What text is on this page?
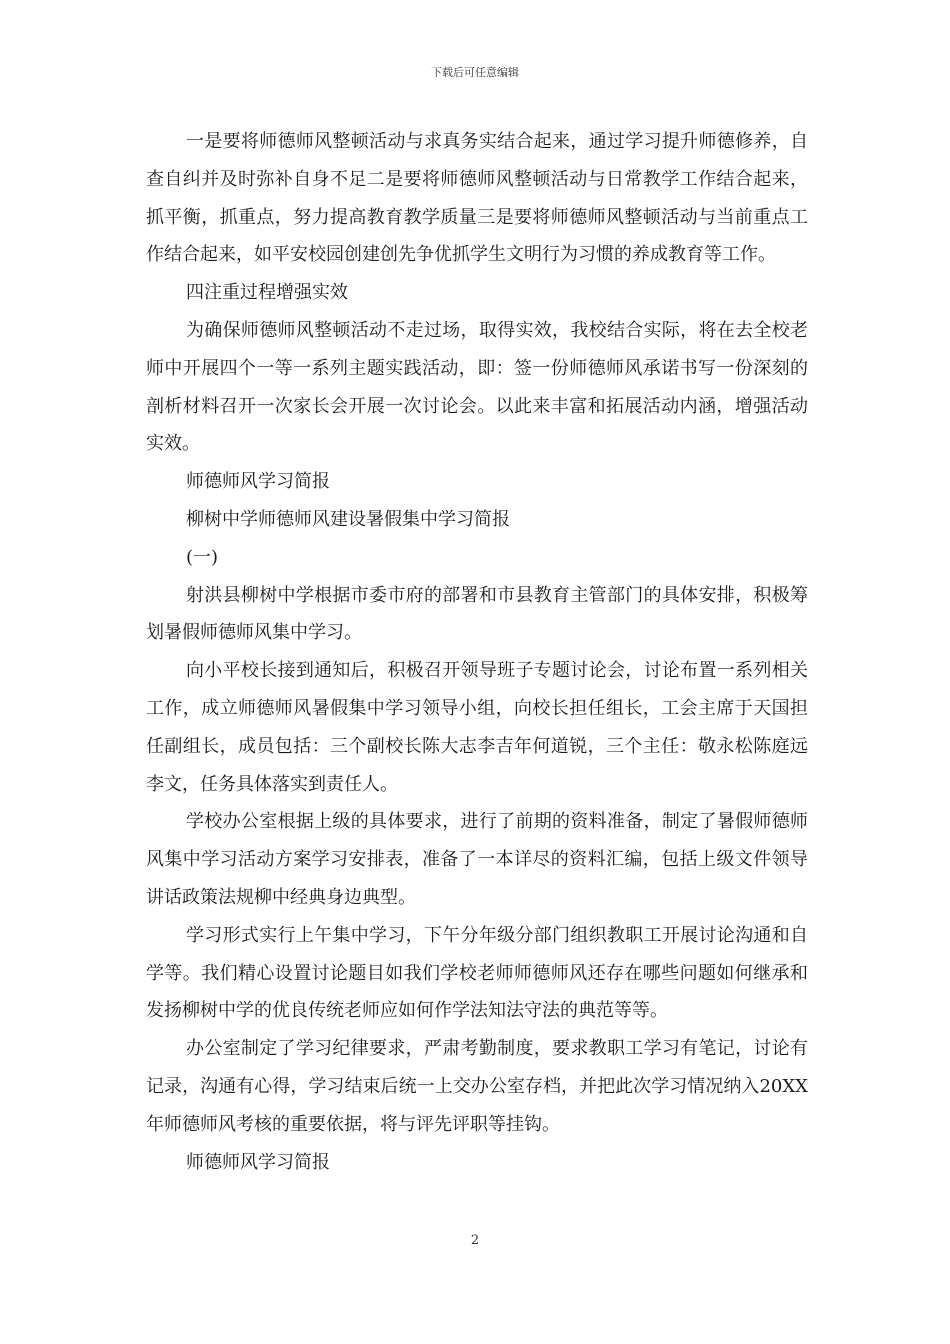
下载后可任意编辑

一是要将师德师风整顿活动与求真务实结合起来，通过学习提升师德修养，自查自纠并及时弥补自身不足二是要将师德师风整顿活动与日常教学工作结合起来，抓平衡，抓重点，努力提高教育教学质量三是要将师德师风整顿活动与当前重点工作结合起来，如平安校园创建创先争优抓学生文明行为习惯的养成教育等工作。

四注重过程增强实效

为确保师德师风整顿活动不走过场，取得实效，我校结合实际，将在去全校老师中开展四个一等一系列主题实践活动，即：签一份师德师风承诺书写一份深刻的剖析材料召开一次家长会开展一次讨论会。以此来丰富和拓展活动内涵，增强活动实效。

师德师风学习简报

柳树中学师德师风建设暑假集中学习简报

(一)

射洪县柳树中学根据市委市府的部署和市县教育主管部门的具体安排，积极筹划暑假师德师风集中学习。

向小平校长接到通知后，积极召开领导班子专题讨论会，讨论布置一系列相关工作，成立师德师风暑假集中学习领导小组，向校长担任组长，工会主席于天国担任副组长，成员包括：三个副校长陈大志李吉年何道锐，三个主任：敬永松陈庭远李文，任务具体落实到责任人。

学校办公室根据上级的具体要求，进行了前期的资料准备，制定了暑假师德师风集中学习活动方案学习安排表，准备了一本详尽的资料汇编，包括上级文件领导讲话政策法规柳中经典身边典型。

学习形式实行上午集中学习，下午分年级分部门组织教职工开展讨论沟通和自学等。我们精心设置讨论题目如我们学校老师师德师风还存在哪些问题如何继承和发扬柳树中学的优良传统老师应如何作学法知法守法的典范等等。

办公室制定了学习纪律要求，严肃考勤制度，要求教职工学习有笔记，讨论有记录，沟通有心得，学习结束后统一上交办公室存档，并把此次学习情况纳入20XX年师德师风考核的重要依据，将与评先评职等挂钩。

师德师风学习简报

2
